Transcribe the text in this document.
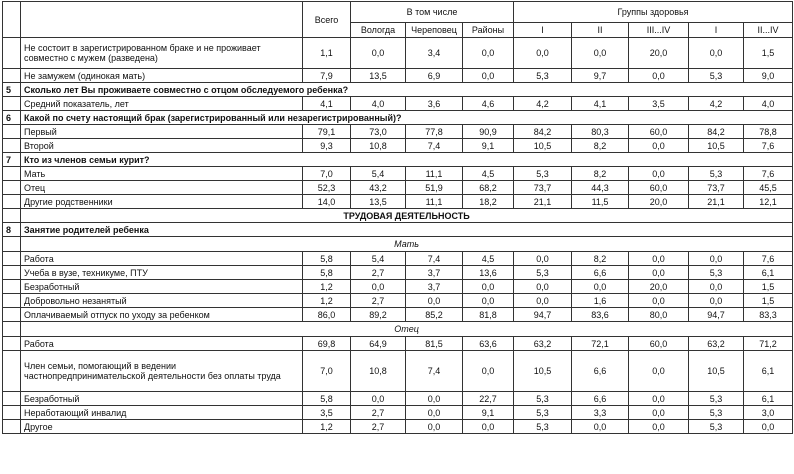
		Всего	В том числе			Группы здоровья				
			Вологда	Череповец	Районы	I	II	III...IV	I	II...IV
	Не состоит в зарегистрированном браке и не проживает совместно с мужем (разведена)	1,1	0,0	3,4	0,0	0,0	0,0	20,0	0,0	1,5
	Не замужем (одинокая мать)	7,9	13,5	6,9	0,0	5,3	9,7	0,0	5,3	9,0
5	Сколько лет Вы проживаете совместно с отцом обследуемого ребенка?									
	Средний показатель, лет	4,1	4,0	3,6	4,6	4,2	4,1	3,5	4,2	4,0
6	Какой по счету настоящий брак (зарегистрированный или незарегистрированный)?									
	Первый	79,1	73,0	77,8	90,9	84,2	80,3	60,0	84,2	78,8
	Второй	9,3	10,8	7,4	9,1	10,5	8,2	0,0	10,5	7,6
7	Кто из членов семьи курит?									
	Мать	7,0	5,4	11,1	4,5	5,3	8,2	0,0	5,3	7,6
	Отец	52,3	43,2	51,9	68,2	73,7	44,3	60,0	73,7	45,5
	Другие родственники	14,0	13,5	11,1	18,2	21,1	11,5	20,0	21,1	12,1
	ТРУДОВАЯ ДЕЯТЕЛЬНОСТЬ									
8	Занятие родителей ребенка									
	Мать									
	Работа	5,8	5,4	7,4	4,5	0,0	8,2	0,0	0,0	7,6
	Учеба в вузе, техникуме, ПТУ	5,8	2,7	3,7	13,6	5,3	6,6	0,0	5,3	6,1
	Безработный	1,2	0,0	3,7	0,0	0,0	0,0	20,0	0,0	1,5
	Добровольно незанятый	1,2	2,7	0,0	0,0	0,0	1,6	0,0	0,0	1,5
	Оплачиваемый отпуск по уходу за ребенком	86,0	89,2	85,2	81,8	94,7	83,6	80,0	94,7	83,3
	Отец									
	Работа	69,8	64,9	81,5	63,6	63,2	72,1	60,0	63,2	71,2
	Член семьи, помогающий в ведении частнопредпринимательской деятельности без оплаты труда	7,0	10,8	7,4	0,0	10,5	6,6	0,0	10,5	6,1
	Безработный	5,8	0,0	0,0	22,7	5,3	6,6	0,0	5,3	6,1
	Неработающий инвалид	3,5	2,7	0,0	9,1	5,3	3,3	0,0	5,3	3,0
	Другое	1,2	2,7	0,0	0,0	5,3	0,0	0,0	5,3	0,0
